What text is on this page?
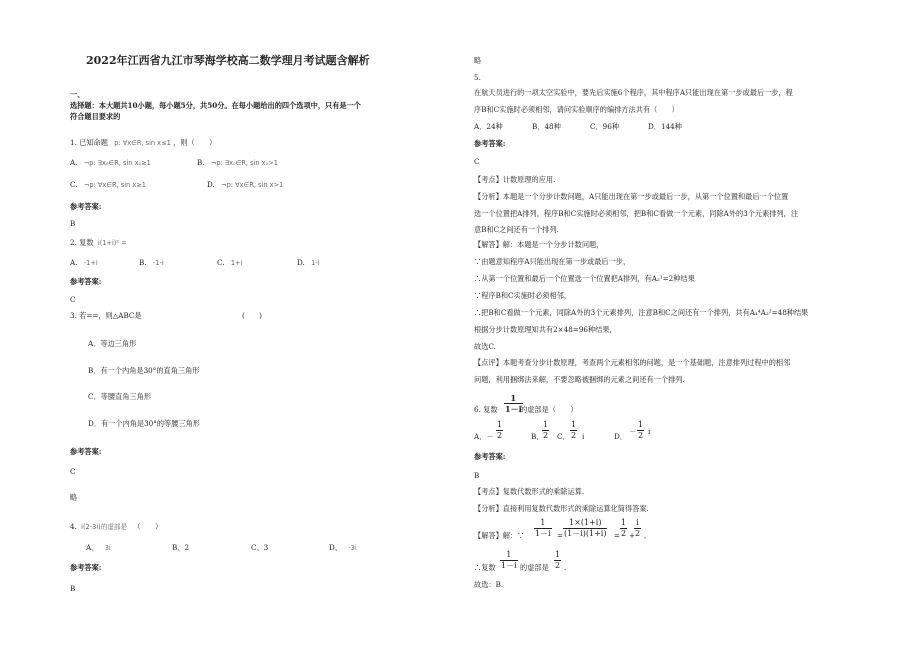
2022年江西省九江市琴海学校高二数学理月考试题含解析
一、
选择题：本大题共10小题，每小题5分，共50分。在每小题给出的四个选项中，只有是一个
符合题目要求的
1. 已知命题 p: ∀x∈R, sin x≤1 ，则（　　）
A. ¬p: ∃x₀∈R, sin x₀≥1	B. ¬p: ∃x₀∈R, sin x₀>1
C. ¬p: ∀x∈R, sin x≥1	D. ¬p: ∀x∈R, sin x>1
参考答案:
B
2. 复数 i(1+i)² =
A. -1+i	B. -1-i	C. 1+i	D. 1-i
参考答案:
C
3. 若==，则△ABC是	(　　)
A．等边三角形
B．有一个内角是30°的直角三角形
C．等腰直角三角形
D．有一个内角是30°的等腰三角形
参考答案:
C
略
4. i(2-3i)的虚部是 （　　）
A、 3i	B、2	C、3	D、 -3i
参考答案:
B
略
5.
在航天员进行的一项太空实验中，要先后实施6个程序，其中程序A只能出现在第一步或最后一步，程
序B和C实施时必须相邻，请问实验顺序的编排方法共有（　　）
A．24种	B．48种	C．96种	D．144种
参考答案:
C
【考点】计数原理的应用.
【分析】本题是一个分步计数问题，A只能出现在第一步或最后一步，从第一个位置和最后一个位置
选一个位置把A排列，程序B和C实施时必须相邻，把B和C看做一个元素，同除A外的3个元素排列，注
意B和C之间还有一个排列.
【解答】解：本题是一个分步计数问题，
∵由题意知程序A只能出现在第一步或最后一步，
∴从第一个位置和最后一个位置选一个位置把A排列，有A₂¹=2种结果
∵程序B和C实施时必须相邻，
∴把B和C看做一个元素，同除A外的3个元素排列，注意B和C之间还有一个排列，共有A₄⁴A₂²=48种结果
根据分步计数原理知共有2×48=96种结果，
故选C.
【点评】本题考查分步计数原理，考查两个元素相邻的问题，是一个基础题，注意排列过程中的相邻
问题，利用捆绑法来解，不要忽略被捆绑的元素之间还有一个排列.
6. 复数
1
1－i
的虚部是（　　）
A．－
1
2	B．
1
2 C．
1
2 i	D．
－
1
2 i
参考答案:
B
【考点】复数代数形式的乘除运算.
【分析】直接利用复数代数形式的乘除运算化简得答案.
【解答】解：∵
1
1－i =
1×(1+i)
(1－i)(1+i) =
1
2 +
i
2 ,
∴复数
1
1－i 的虚部是
1
2 .
故选：B.
